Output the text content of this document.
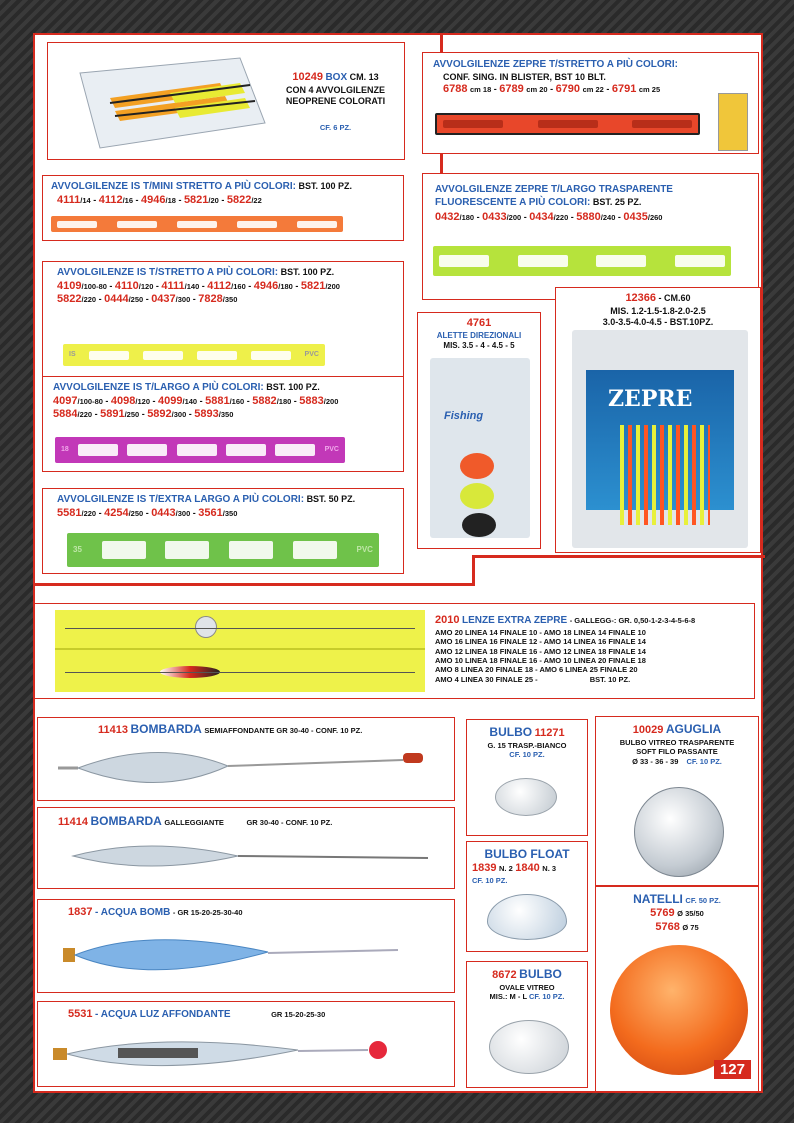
10249 BOX CM. 13
CON 4 AVVOLGILENZE
NEOPRENE COLORATI
CF. 6 PZ.
AVVOLGILENZE ZEPRE T/STRETTO A PIÙ COLORI:
CONF. SING. IN BLISTER, BST 10 BLT.
6788 cm 18 - 6789 cm 20 - 6790 cm 22 - 6791 cm 25
AVVOLGILENZE IS T/MINI STRETTO A PIÙ COLORI: BST. 100 PZ.
4111/14 - 4112/16 - 4946/18 - 5821/20 - 5822/22
AVVOLGILENZE ZEPRE T/LARGO TRASPARENTE
FLUORESCENTE A PIÙ COLORI: BST. 25 PZ.
0432/180 - 0433/200 - 0434/220 - 5880/240 - 0435/260
AVVOLGILENZE IS T/STRETTO A PIÙ COLORI: BST. 100 PZ.
4109/100-80 - 4110/120 - 4111/140 - 4112/160 - 4946/180 - 5821/200
5822/220 - 0444/250 - 0437/300 - 7828/350
IS	PVC
4761
ALETTE DIREZIONALI
MIS. 3.5 - 4 - 4.5 - 5
Fishing
12366 - CM.60
MIS. 1.2-1.5-1.8-2.0-2.5
3.0-3.5-4.0-4.5 - BST.10PZ.
ZEPRE
AVVOLGILENZE IS T/LARGO A PIÙ COLORI: BST. 100 PZ.
4097/100-80 - 4098/120 - 4099/140 - 5881/160 - 5882/180 - 5883/200
5884/220 - 5891/250 - 5892/300 - 5893/350
18	PVC
AVVOLGILENZE IS T/EXTRA LARGO A PIÙ COLORI: BST. 50 PZ.
5581/220 - 4254/250 - 0443/300 - 3561/350
35	PVC
2010 LENZE EXTRA ZEPRE - GALLEGG-: GR. 0,50-1-2-3-4-5-6-8
AMO 20 LINEA 14 FINALE 10 - AMO 18 LINEA 14 FINALE 10
AMO 16 LINEA 16 FINALE 12 - AMO 14 LINEA 16 FINALE 14
AMO 12 LINEA 18 FINALE 16 - AMO 12 LINEA 18 FINALE 14
AMO 10 LINEA 18 FINALE 16 - AMO 10 LINEA 20 FINALE 18
AMO 8 LINEA 20 FINALE 18 - AMO 6 LINEA 25 FINALE 20
AMO 4 LINEA 30 FINALE 25 -	BST. 10 PZ.
11413 BOMBARDA SEMIAFFONDANTE GR 30-40 - CONF. 10 PZ.
11414 BOMBARDA GALLEGGIANTE	GR 30-40 - CONF. 10 PZ.
1837 - ACQUA BOMB - GR 15-20-25-30-40
5531 - ACQUA LUZ AFFONDANTE	GR 15-20-25-30
BULBO 11271
G. 15 TRASP.-BIANCO
CF. 10 PZ.
10029 AGUGLIA
BULBO VITREO TRASPARENTE
SOFT FILO PASSANTE
Ø 33 - 36 - 39 CF. 10 PZ.
BULBO FLOAT
1839 N. 2 1840 N. 3
CF. 10 PZ.
NATELLI CF. 50 PZ.
5769 Ø 35/50
5768 Ø 75
8672 BULBO
OVALE VITREO
MIS.: M - L CF. 10 PZ.
127
